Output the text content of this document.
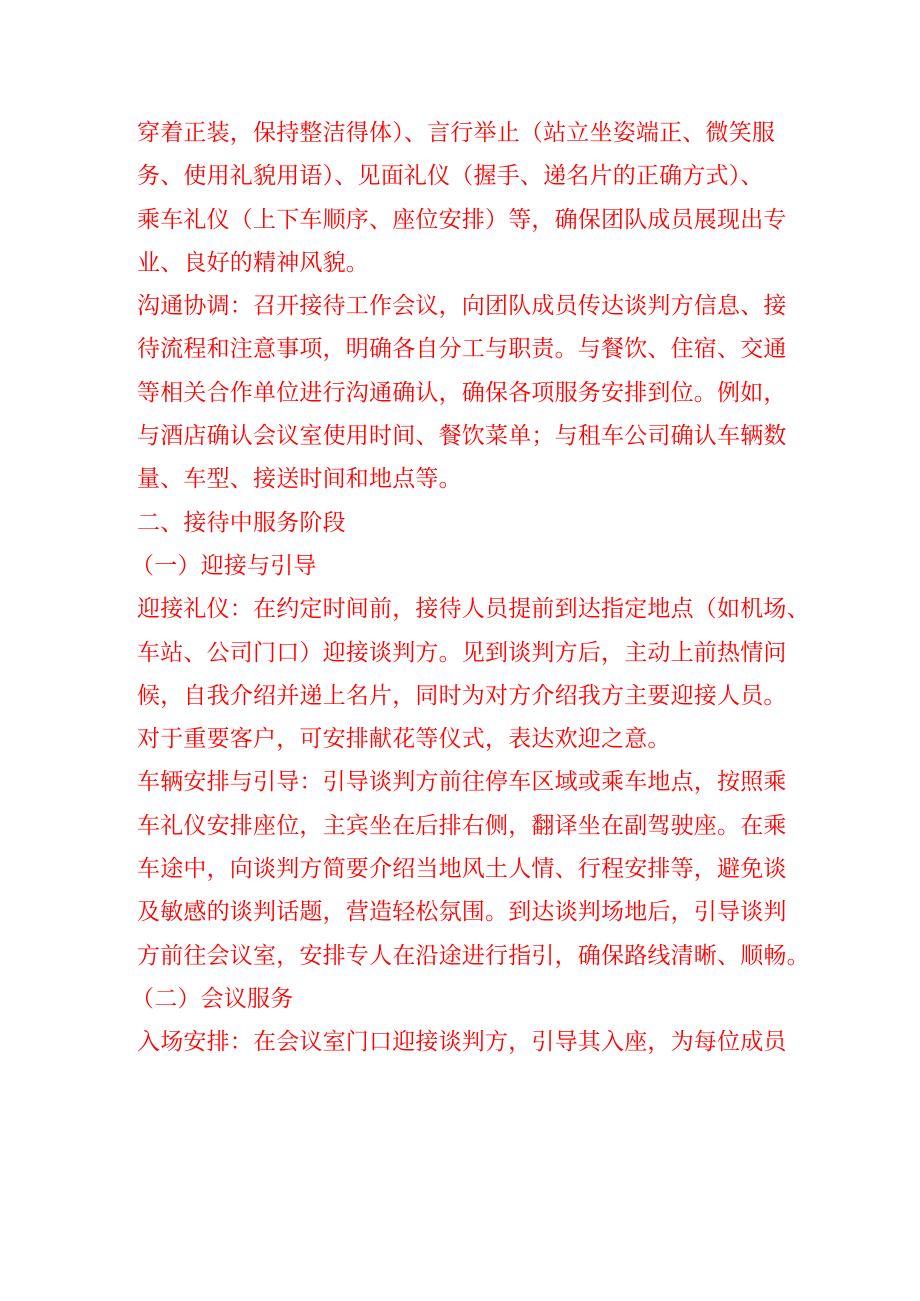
穿着正装，保持整洁得体）、言行举止（站立坐姿端正、微笑服
务、使用礼貌用语）、见面礼仪（握手、递名片的正确方式）、
乘车礼仪（上下车顺序、座位安排）等，确保团队成员展现出专
业、良好的精神风貌。
沟通协调：召开接待工作会议，向团队成员传达谈判方信息、接
待流程和注意事项，明确各自分工与职责。与餐饮、住宿、交通
等相关合作单位进行沟通确认，确保各项服务安排到位。例如，
与酒店确认会议室使用时间、餐饮菜单；与租车公司确认车辆数
量、车型、接送时间和地点等。
二、接待中服务阶段
（一）迎接与引导
迎接礼仪：在约定时间前，接待人员提前到达指定地点（如机场、
车站、公司门口）迎接谈判方。见到谈判方后，主动上前热情问
候，自我介绍并递上名片，同时为对方介绍我方主要迎接人员。
对于重要客户，可安排献花等仪式，表达欢迎之意。
车辆安排与引导：引导谈判方前往停车区域或乘车地点，按照乘
车礼仪安排座位，主宾坐在后排右侧，翻译坐在副驾驶座。在乘
车途中，向谈判方简要介绍当地风土人情、行程安排等，避免谈
及敏感的谈判话题，营造轻松氛围。到达谈判场地后，引导谈判
方前往会议室，安排专人在沿途进行指引，确保路线清晰、顺畅。
（二）会议服务
入场安排：在会议室门口迎接谈判方，引导其入座，为每位成员
